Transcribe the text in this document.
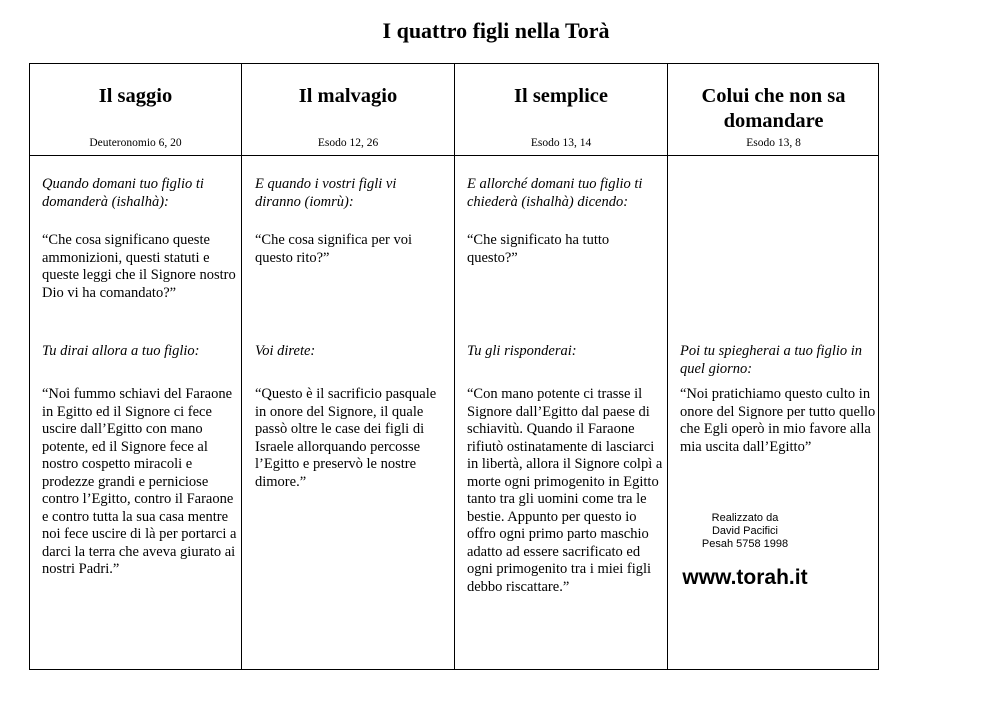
I quattro figli nella Torà
Il saggio
Deuteronomio 6, 20
Il malvagio
Esodo 12, 26
Il semplice
Esodo 13, 14
Colui che non sa domandare
Esodo 13, 8
Quando domani tuo figlio ti domanderà (ishalhà):
“Che cosa significano queste ammonizioni, questi statuti e queste leggi che il Signore nostro Dio vi ha comandato?”
Tu dirai allora a tuo figlio:
“Noi fummo schiavi del Faraone in Egitto ed il Signore ci fece uscire dall’Egitto con mano potente, ed il Signore fece al nostro cospetto miracoli e prodezze grandi e perniciose contro l’Egitto, contro il Faraone e contro tutta la sua casa mentre noi fece uscire di là per portarci a darci la terra che aveva giurato ai nostri Padri.”
E quando i vostri figli vi diranno (iomrù):
“Che cosa significa per voi questo rito?”
Voi direte:
“Questo è il sacrificio pasquale in onore del Signore, il quale passò oltre le case dei figli di Israele allorquando percosse l’Egitto e preservò le nostre dimore.”
E allorché domani tuo figlio ti chiederà (ishalhà) dicendo:
“Che significato ha tutto questo?”
Tu gli risponderai:
“Con mano potente ci trasse il Signore dall’Egitto dal paese di schiavitù. Quando il Faraone rifiutò ostinatamente di lasciarci in libertà, allora il Signore colpì a morte ogni primogenito in Egitto tanto tra gli uomini come tra le bestie. Appunto per questo io offro ogni primo parto maschio adatto ad essere sacrificato ed ogni primogenito tra i miei figli debbo riscattare.”
Poi tu spiegherai a tuo figlio in quel giorno:
“Noi pratichiamo questo culto in onore del Signore per tutto quello che Egli operò in mio favore alla mia uscita dall’Egitto”
Realizzato da
David Pacifici
Pesah 5758 1998
www.torah.it
